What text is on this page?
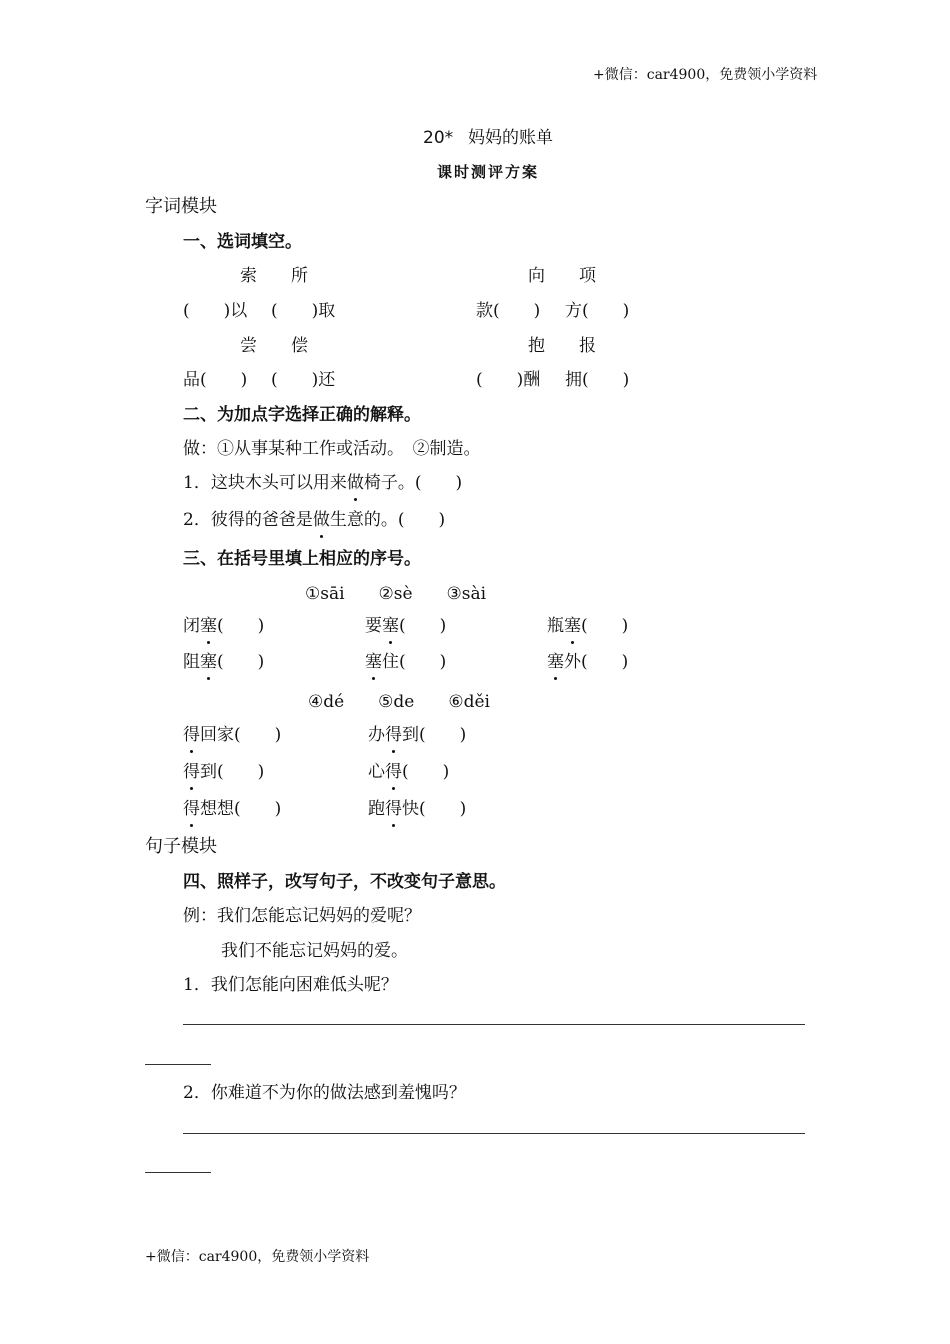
+微信：car4900，免费领小学资料
20* 妈妈的账单
课时测评方案
字词模块
一、选词填空。
索　　所	向　　项
(　　)以 (　　)取	款(　　) 方(　　)
尝　　偿	抱　　报
品(　　) (　　)还	(　　)酬 拥(　　)
二、为加点字选择正确的解释。
做：①从事某种工作或活动。　②制造。
1．这块木头可以用来做椅子。(　　)
2．彼得的爸爸是做生意的。(　　)
三、在括号里填上相应的序号。
①sāi　　②sè　　③sài
闭塞(　　)	要塞(　　)	瓶塞(　　)
阻塞(　　)	塞住(　　)	塞外(　　)
④dé　　⑤de　　⑥děi
得回家(　　)	办得到(　　)
得到(　　)	心得(　　)
得想想(　　)	跑得快(　　)
句子模块
四、照样子，改写句子，不改变句子意思。
例：我们怎能忘记妈妈的爱呢？
我们不能忘记妈妈的爱。
1．我们怎能向困难低头呢？
2．你难道不为你的做法感到羞愧吗？
+微信：car4900，免费领小学资料
